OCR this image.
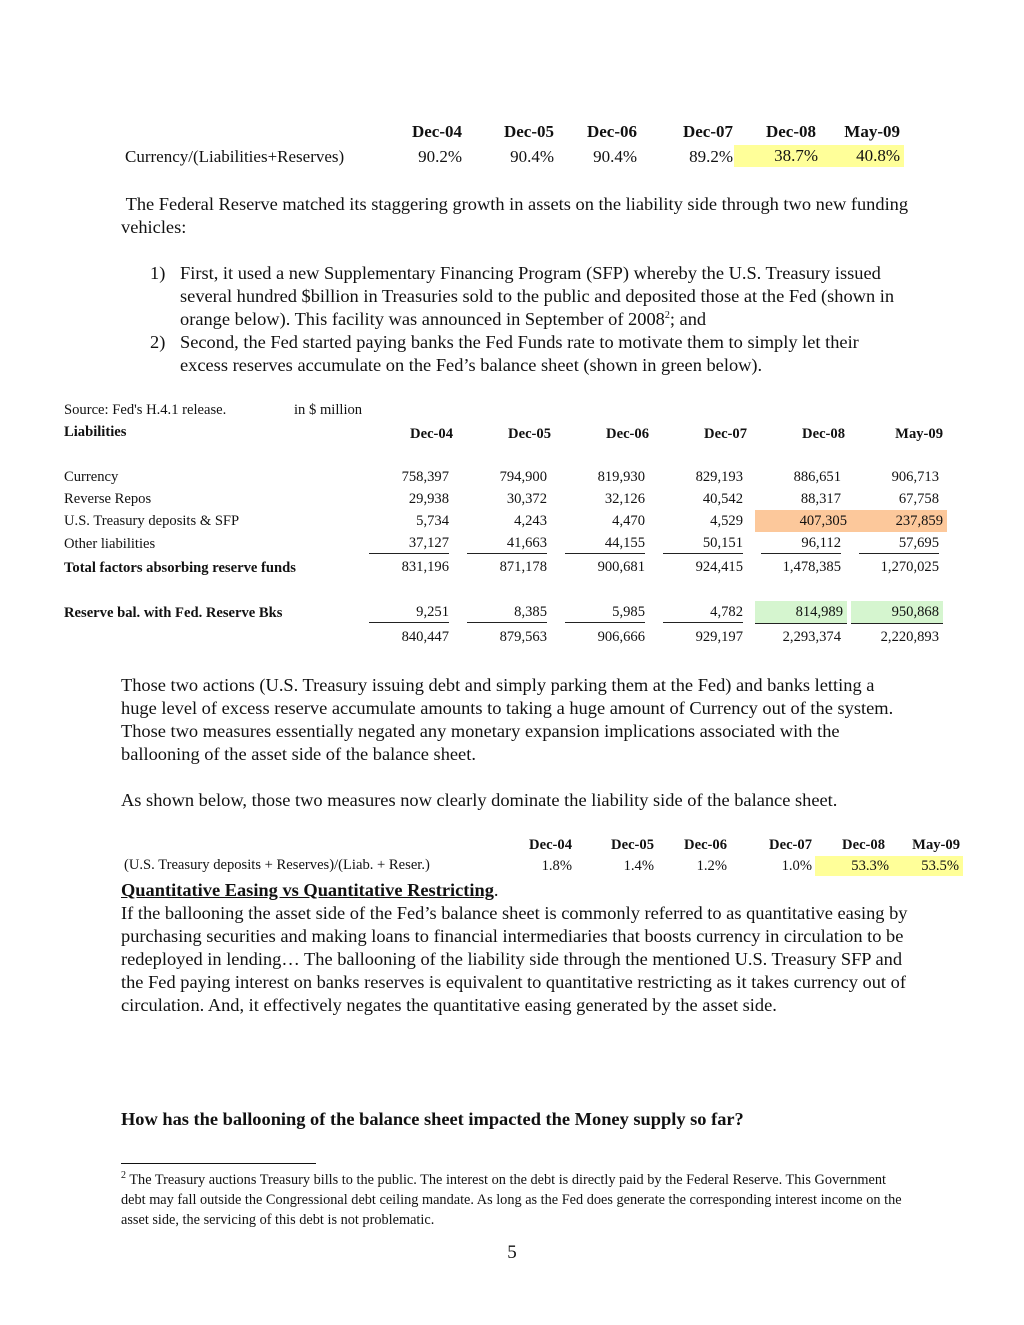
Dec-04	Dec-05	Dec-06	Dec-07	Dec-08	May-09
Currency/(Liabilities+Reserves)	90.2%	90.4%	90.4%	89.2%	38.7%	40.8%

The Federal Reserve matched its staggering growth in assets on the liability side through two new funding vehicles:

1) First, it used a new Supplementary Financing Program (SFP) whereby the U.S. Treasury issued several hundred $billion in Treasuries sold to the public and deposited those at the Fed (shown in orange below). This facility was announced in September of 2008$^2$; and
2) Second, the Fed started paying banks the Fed Funds rate to motivate them to simply let their excess reserves accumulate on the Fed’s balance sheet (shown in green below).
Source: Fed's H.4.1 release.	in $ million
Liabilities	Dec-04	Dec-05	Dec-06	Dec-07	Dec-08	May-09
Currency	758,397	794,900	819,930	829,193	886,651	906,713
Reverse Repos	29,938	30,372	32,126	40,542	88,317	67,758
U.S. Treasury deposits & SFP	5,734	4,243	4,470	4,529	407,305	237,859
Other liabilities	37,127	41,663	44,155	50,151	96,112	57,695
Total factors absorbing reserve funds	831,196	871,178	900,681	924,415	1,478,385	1,270,025
Reserve bal. with Fed. Reserve Bks	9,251	8,385	5,985	4,782	814,989	950,868
840,447	879,563	906,666	929,197	2,293,374	2,220,893

Those two actions (U.S. Treasury issuing debt and simply parking them at the Fed) and banks letting a huge level of excess reserve accumulate amounts to taking a huge amount of Currency out of the system. Those two measures essentially negated any monetary expansion implications associated with the ballooning of the asset side of the balance sheet.

As shown below, those two measures now clearly dominate the liability side of the balance sheet.

Dec-04	Dec-05	Dec-06	Dec-07	Dec-08	May-09
(U.S. Treasury deposits + Reserves)/(Liab. + Reser.)	1.8%	1.4%	1.2%	1.0%	53.3%	53.5%

Quantitative Easing vs Quantitative Restricting.

If the ballooning the asset side of the Fed’s balance sheet is commonly referred to as quantitative easing by purchasing securities and making loans to financial intermediaries that boosts currency in circulation to be redeployed in lending… The ballooning of the liability side through the mentioned U.S. Treasury SFP and the Fed paying interest on banks reserves is equivalent to quantitative restricting as it takes currency out of circulation. And, it effectively negates the quantitative easing generated by the asset side.

How has the ballooning of the balance sheet impacted the Money supply so far?

$^2$ The Treasury auctions Treasury bills to the public. The interest on the debt is directly paid by the Federal Reserve. This Government debt may fall outside the Congressional debt ceiling mandate. As long as the Fed does generate the corresponding interest income on the asset side, the servicing of this debt is not problematic.
5
